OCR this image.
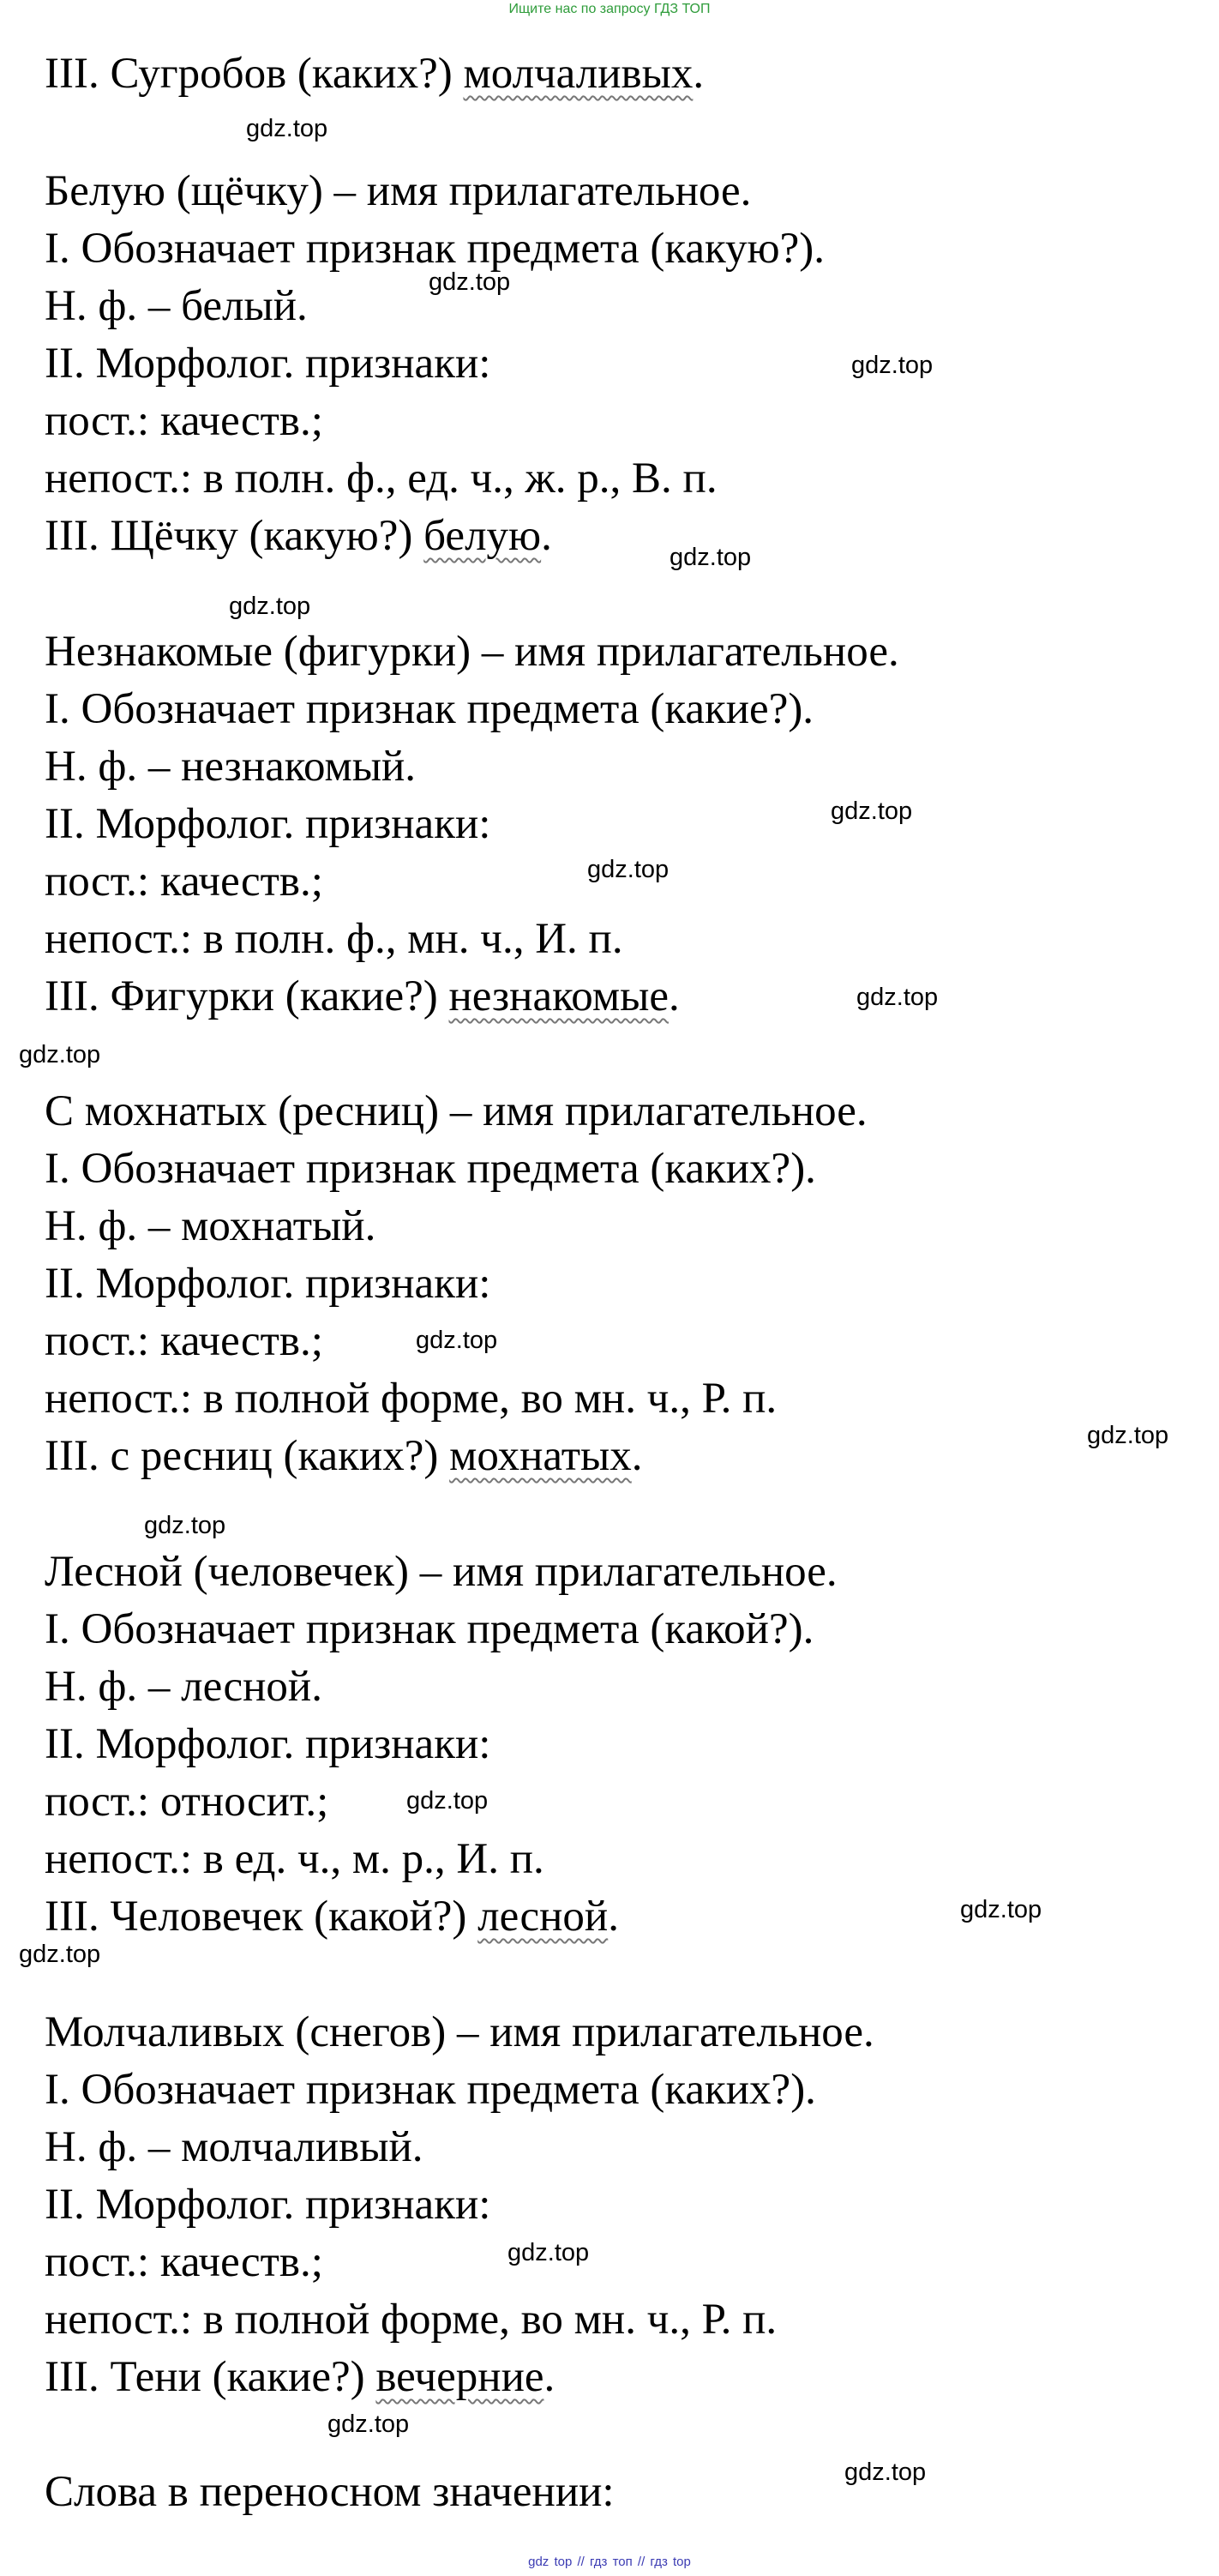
Ищите нас по запросу ГДЗ ТОП
III. Сугробов (каких?) молчаливых.
Белую (щёчку) – имя прилагательное.
I. Обозначает признак предмета (какую?).
Н. ф. – белый.
II. Морфолог. признаки:
пост.: качеств.;
непост.: в полн. ф., ед. ч., ж. р., В. п.
III. Щёчку (какую?) белую.
Незнакомые (фигурки) – имя прилагательное.
I. Обозначает признак предмета (какие?).
Н. ф. – незнакомый.
II. Морфолог. признаки:
пост.: качеств.;
непост.: в полн. ф., мн. ч., И. п.
III. Фигурки (какие?) незнакомые.
С мохнатых (ресниц) – имя прилагательное.
I. Обозначает признак предмета (каких?).
Н. ф. – мохнатый.
II. Морфолог. признаки:
пост.: качеств.;
непост.: в полной форме, во мн. ч., Р. п.
III. с ресниц (каких?) мохнатых.
Лесной (человечек) – имя прилагательное.
I. Обозначает признак предмета (какой?).
Н. ф. – лесной.
II. Морфолог. признаки:
пост.: относит.;
непост.: в ед. ч., м. р., И. п.
III. Человечек (какой?) лесной.
Молчаливых (снегов) – имя прилагательное.
I. Обозначает признак предмета (каких?).
Н. ф. – молчаливый.
II. Морфолог. признаки:
пост.: качеств.;
непост.: в полной форме, во мн. ч., Р. п.
III. Тени (какие?) вечерние.
Слова в переносном значении:
gdz.top
gdz.top
gdz.top
gdz.top
gdz.top
gdz.top
gdz.top
gdz.top
gdz.top
gdz.top
gdz.top
gdz.top
gdz.top
gdz.top
gdz.top
gdz.top
gdz.top
gdz.top
gdz top // гдз топ // гдз top
